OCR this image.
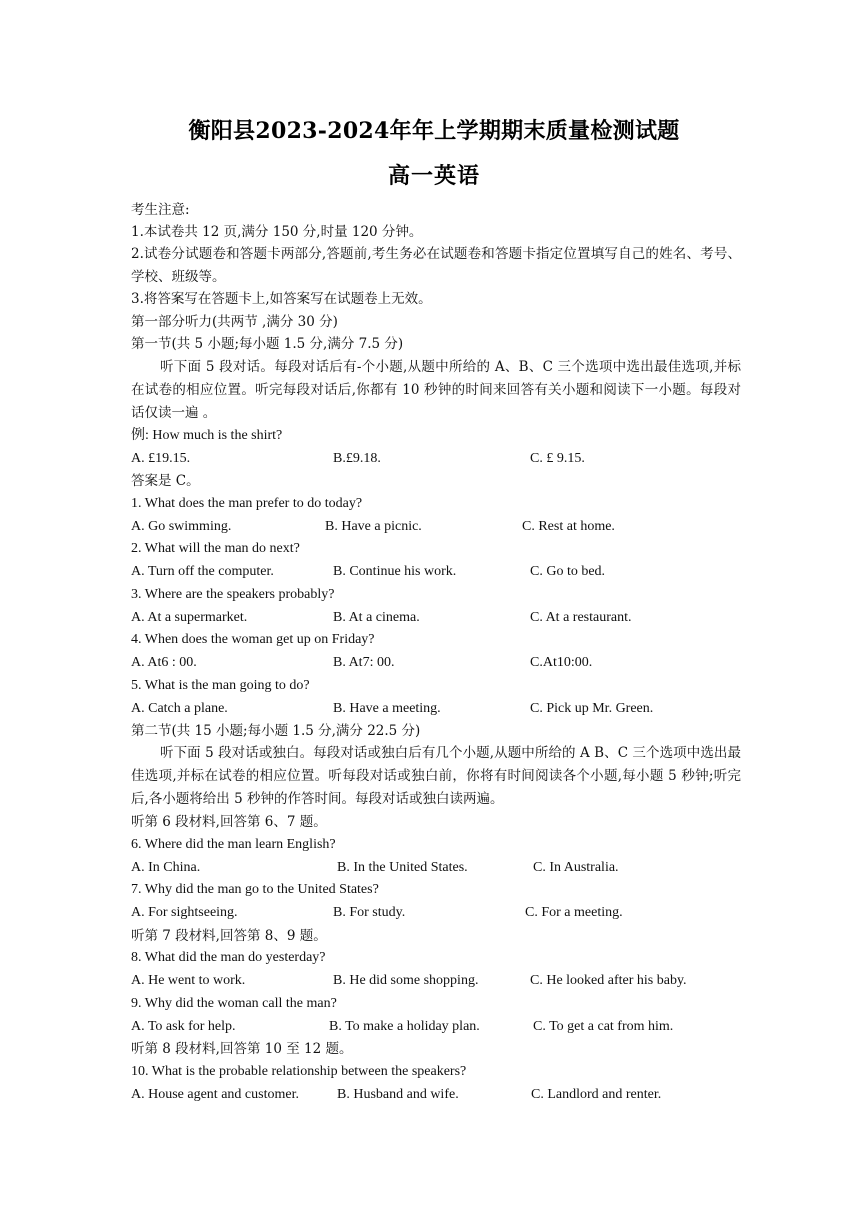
衡阳县2023-2024年年上学期期末质量检测试题
高一英语
考生注意:
1.本试卷共 12 页,满分 150 分,时量 120 分钟。
2.试卷分试题卷和答题卡两部分,答题前,考生务必在试题卷和答题卡指定位置填写自己的姓名、考号、学校、班级等。
3.将答案写在答题卡上,如答案写在试题卷上无效。
第一部分听力(共两节 ,满分 30 分)
第一节(共 5 小题;每小题 1.5 分,满分 7.5 分)
听下面 5 段对话。每段对话后有-个小题,从题中所给的 A、B、C 三个选项中选出最佳选项,并标在试卷的相应位置。听完每段对话后,你都有 10 秒钟的时间来回答有关小题和阅读下一小题。每段对话仅读一遍 。
例: How much is the shirt?
A. £19.15.	B.£9.18.	C. £ 9.15.
答案是 C。
1. What does the man prefer to do today?
A. Go swimming.	B. Have a picnic.	C. Rest at home.
2. What will the man do next?
A. Turn off the computer.	B. Continue his work.	C. Go to bed.
3. Where are the speakers probably?
A. At a supermarket.	B. At a cinema.	C. At a restaurant.
4. When does the woman get up on Friday?
A. At6 : 00.	B. At7: 00.	C.At10:00.
5. What is the man going to do?
A. Catch a plane.	B. Have a meeting.	C. Pick up Mr. Green.
第二节(共 15 小题;每小题 1.5 分,满分 22.5 分)
听下面 5 段对话或独白。每段对话或独白后有几个小题,从题中所给的 A B、C 三个选项中选出最佳选项,并标在试卷的相应位置。听每段对话或独白前，你将有时间阅读各个小题,每小题 5 秒钟;听完后,各小题将给出 5 秒钟的作答时间。每段对话或独白读两遍。
听第 6 段材料,回答第 6、7 题。
6. Where did the man learn English?
A. In China.	B. In the United States.	C. In Australia.
7. Why did the man go to the United States?
A. For sightseeing.	B. For study.	C. For a meeting.
听第 7 段材料,回答第 8、9 题。
8. What did the man do yesterday?
A. He went to work.	B. He did some shopping.	C. He looked after his baby.
9. Why did the woman call the man?
A. To ask for help.	B. To make a holiday plan.	C. To get a cat from him.
听第 8 段材料,回答第 10 至 12 题。
10. What is the probable relationship between the speakers?
A. House agent and customer.	B. Husband and wife.	C. Landlord and renter.
